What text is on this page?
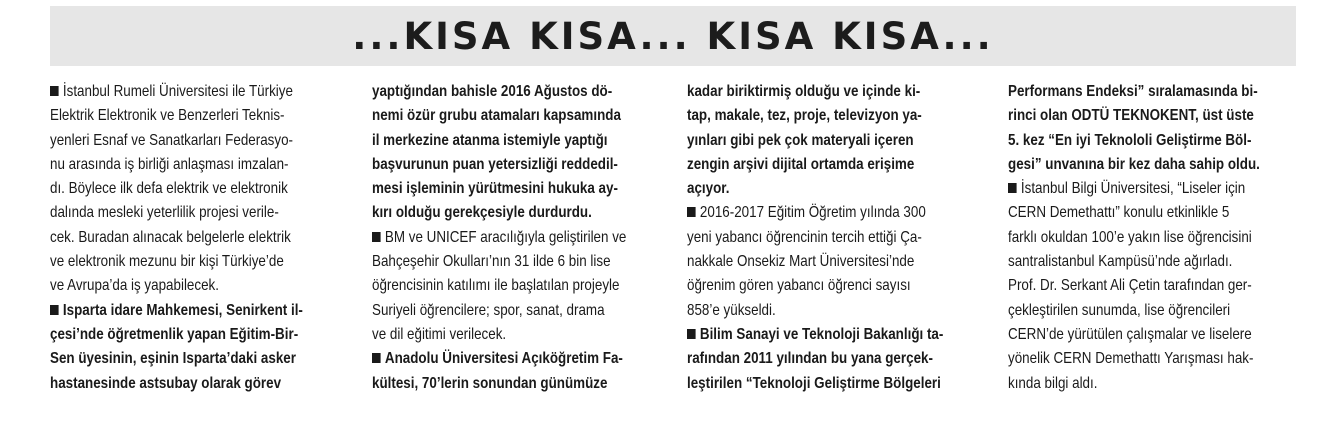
...KISA KISA... KISA KISA...
İstanbul Rumeli Üniversitesi ile Türkiye
Elektrik Elektronik ve Benzerleri Teknis-
yenleri Esnaf ve Sanatkarları Federasyo-
nu arasında iş birliği anlaşması imzalan-
dı. Böylece ilk defa elektrik ve elektronik
dalında mesleki yeterlilik projesi verile-
cek. Buradan alınacak belgelerle elektrik
ve elektronik mezunu bir kişi Türkiye’de
ve Avrupa’da iş yapabilecek.
Isparta idare Mahkemesi, Senirkent il-
çesi’nde öğretmenlik yapan Eğitim-Bir-
Sen üyesinin, eşinin Isparta’daki asker
hastanesinde astsubay olarak görev
yaptığından bahisle 2016 Ağustos dö-
nemi özür grubu atamaları kapsamında
il merkezine atanma istemiyle yaptığı
başvurunun puan yetersizliği reddedil-
mesi işleminin yürütmesini hukuka ay-
kırı olduğu gerekçesiyle durdurdu.
BM ve UNICEF aracılığıyla geliştirilen ve
Bahçeşehir Okulları’nın 31 ilde 6 bin lise
öğrencisinin katılımı ile başlatılan projeyle
Suriyeli öğrencilere; spor, sanat, drama
ve dil eğitimi verilecek.
Anadolu Üniversitesi Açıköğretim Fa-
kültesi, 70’lerin sonundan günümüze
kadar biriktirmiş olduğu ve içinde ki-
tap, makale, tez, proje, televizyon ya-
yınları gibi pek çok materyali içeren
zengin arşivi dijital ortamda erişime
açıyor.
2016-2017 Eğitim Öğretim yılında 300
yeni yabancı öğrencinin tercih ettiği Ça-
nakkale Onsekiz Mart Üniversitesi’nde
öğrenim gören yabancı öğrenci sayısı
858’e yükseldi.
Bilim Sanayi ve Teknoloji Bakanlığı ta-
rafından 2011 yılından bu yana gerçek-
leştirilen “Teknoloji Geliştirme Bölgeleri
Performans Endeksi” sıralamasında bi-
rinci olan ODTÜ TEKNOKENT, üst üste
5. kez “En iyi Teknololi Geliştirme Böl-
gesi” unvanına bir kez daha sahip oldu.
İstanbul Bilgi Üniversitesi, “Liseler için
CERN Demethattı” konulu etkinlikle 5
farklı okuldan 100’e yakın lise öğrencisini
santralistanbul Kampüsü’nde ağırladı.
Prof. Dr. Serkant Ali Çetin tarafından ger-
çekleştirilen sunumda, lise öğrencileri
CERN’de yürütülen çalışmalar ve liselere
yönelik CERN Demethattı Yarışması hak-
kında bilgi aldı.
